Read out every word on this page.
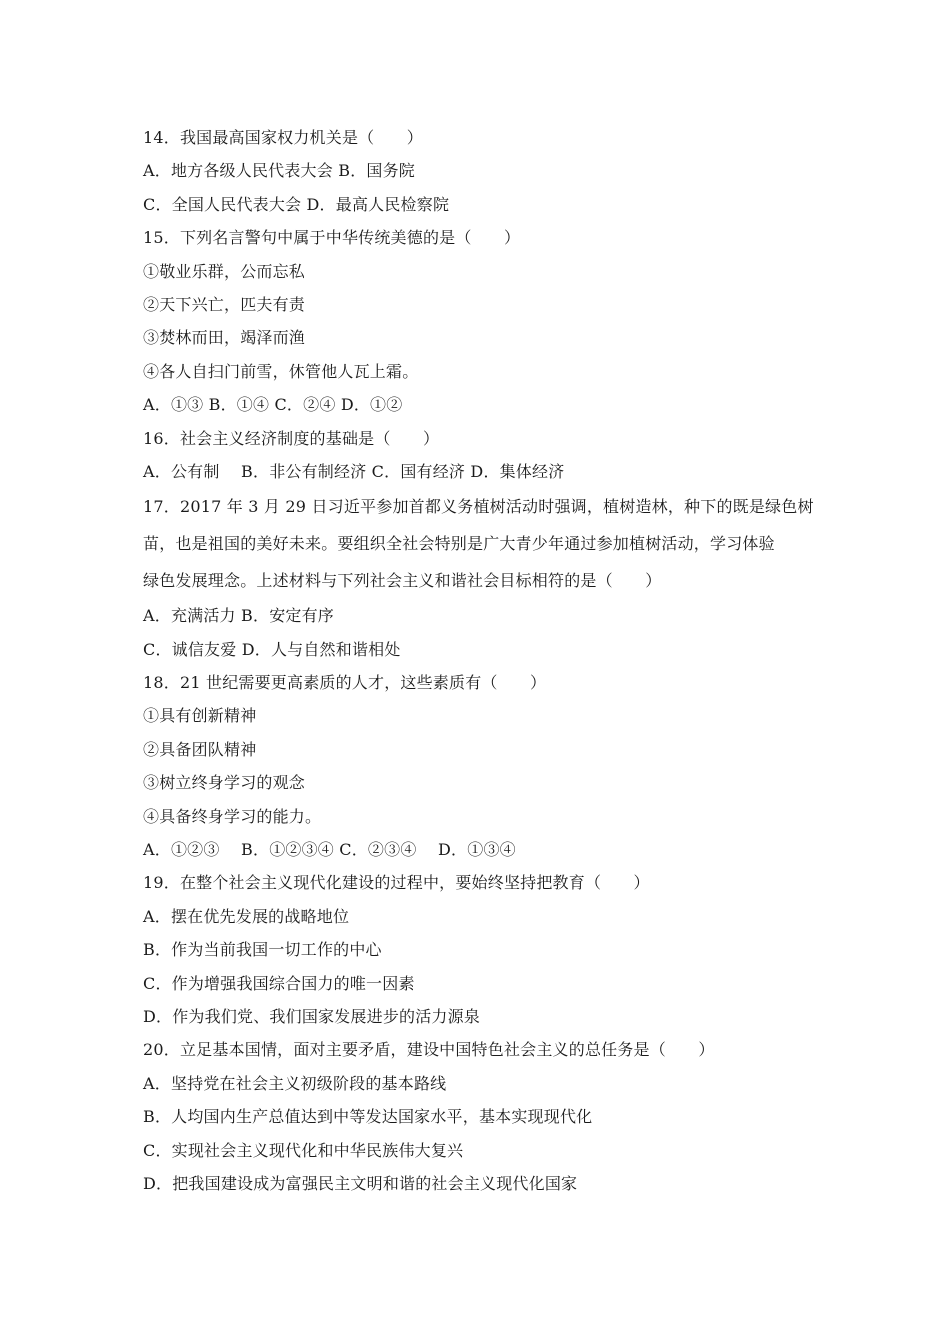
14．我国最高国家权力机关是（　　）
A．地方各级人民代表大会 B．国务院
C．全国人民代表大会 D．最高人民检察院
15．下列名言警句中属于中华传统美德的是（　　）
①敬业乐群，公而忘私
②天下兴亡，匹夫有责
③焚林而田，竭泽而渔
④各人自扫门前雪，休管他人瓦上霜。
A．①③ B．①④ C．②④ D．①②
16．社会主义经济制度的基础是（　　）
A．公有制　 B．非公有制经济 C．国有经济 D．集体经济
17．2017 年 3 月 29 日习近平参加首都义务植树活动时强调，植树造林，种下的既是绿色树
苗，也是祖国的美好未来。要组织全社会特别是广大青少年通过参加植树活动，学习体验
绿色发展理念。上述材料与下列社会主义和谐社会目标相符的是（　　）
A．充满活力 B．安定有序
C．诚信友爱 D．人与自然和谐相处
18．21 世纪需要更高素质的人才，这些素质有（　　）
①具有创新精神
②具备团队精神
③树立终身学习的观念
④具备终身学习的能力。
A．①②③　 B．①②③④ C．②③④　 D．①③④
19．在整个社会主义现代化建设的过程中，要始终坚持把教育（　　）
A．摆在优先发展的战略地位
B．作为当前我国一切工作的中心
C．作为增强我国综合国力的唯一因素
D．作为我们党、我们国家发展进步的活力源泉
20．立足基本国情，面对主要矛盾，建设中国特色社会主义的总任务是（　　）
A．坚持党在社会主义初级阶段的基本路线
B．人均国内生产总值达到中等发达国家水平，基本实现现代化
C．实现社会主义现代化和中华民族伟大复兴
D．把我国建设成为富强民主文明和谐的社会主义现代化国家
